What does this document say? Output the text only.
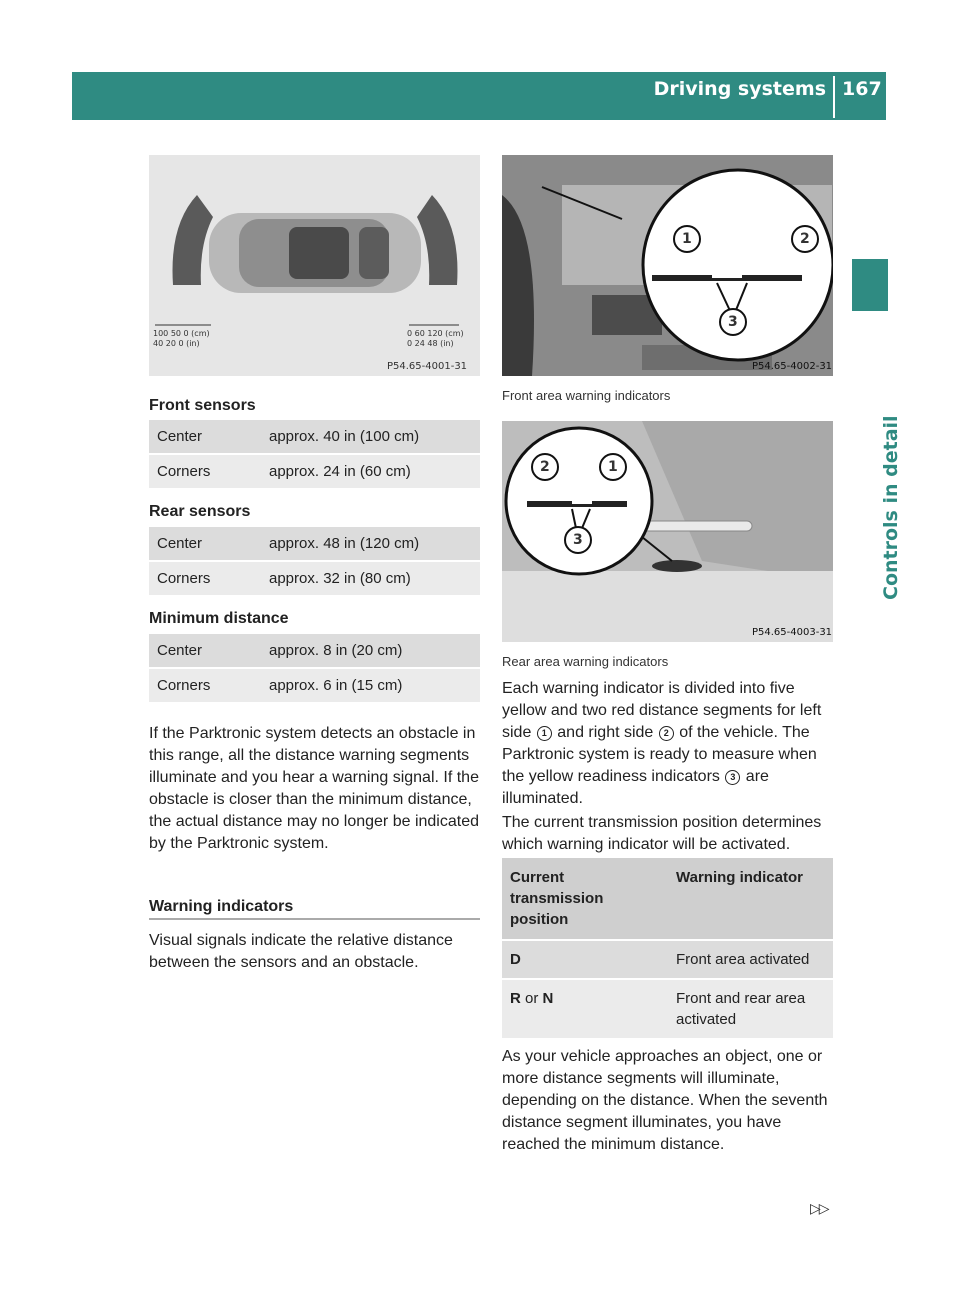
Driving systems 167
Controls in detail
100 50 0 (cm)
40 20 0 (in)
0 60 120 (cm)
0 24 48 (in)
P54.65-4001-31
1	2
3
P54.65-4002-31
Front area warning indicators
2	1
3
P54.65-4003-31
Rear area warning indicators
Front sensors
Center	approx. 40 in (100 cm)
Corners	approx. 24 in (60 cm)
Rear sensors
Center	approx. 48 in (120 cm)
Corners	approx. 32 in (80 cm)
Minimum distance
Center	approx. 8 in (20 cm)
Corners	approx. 6 in (15 cm)
If the Parktronic system detects an obstacle in this range, all the distance warning segments illuminate and you hear a warning signal. If the obstacle is closer than the minimum distance, the actual distance may no longer be indicated by the Parktronic system.
Warning indicators
Visual signals indicate the relative distance between the sensors and an obstacle.
Each warning indicator is divided into five yellow and two red distance segments for left side 1 and right side 2 of the vehicle. The Parktronic system is ready to measure when the yellow readiness indicators 3 are illuminated.
The current transmission position determines which warning indicator will be activated.
Current transmission position	Warning indicator
D	Front area activated
R or N	Front and rear area activated
As your vehicle approaches an object, one or more distance segments will illuminate, depending on the distance. When the seventh distance segment illuminates, you have reached the minimum distance.
▷▷
